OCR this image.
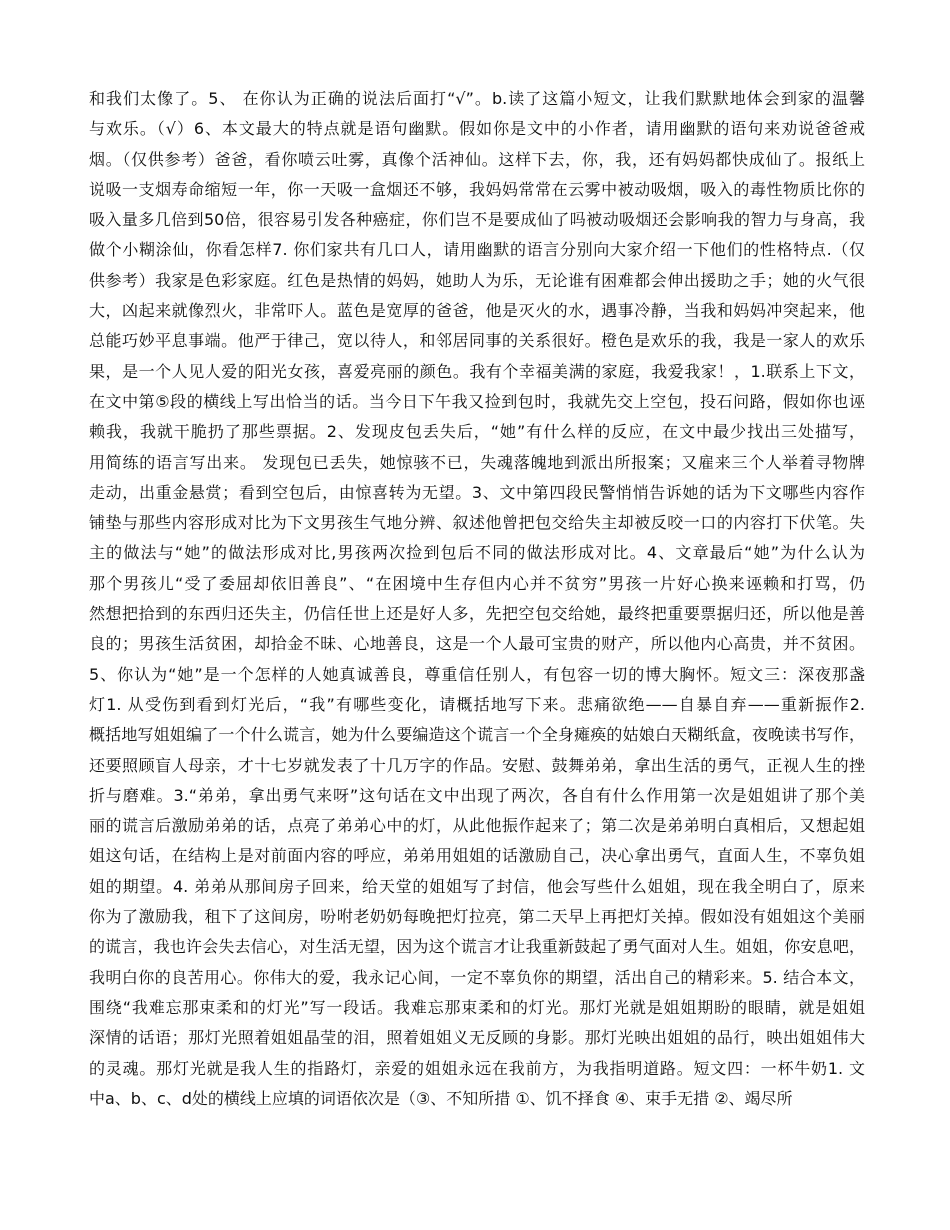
和我们太像了。5、 在你认为正确的说法后面打“√”。b.读了这篇小短文，让我们默默地体会到家的温馨
与欢乐。（√）6、本文最大的特点就是语句幽默。假如你是文中的小作者，请用幽默的语句来劝说爸爸戒
烟。（仅供参考）爸爸，看你喷云吐雾，真像个活神仙。这样下去，你，我，还有妈妈都快成仙了。报纸上
说吸一支烟寿命缩短一年，你一天吸一盒烟还不够，我妈妈常常在云雾中被动吸烟，吸入的毒性物质比你的
吸入量多几倍到50倍，很容易引发各种癌症，你们岂不是要成仙了吗被动吸烟还会影响我的智力与身高，我
做个小糊涂仙，你看怎样7. 你们家共有几口人，请用幽默的语言分别向大家介绍一下他们的性格特点.（仅
供参考）我家是色彩家庭。红色是热情的妈妈，她助人为乐，无论谁有困难都会伸出援助之手；她的火气很
大，凶起来就像烈火，非常吓人。蓝色是宽厚的爸爸，他是灭火的水，遇事冷静，当我和妈妈冲突起来，他
总能巧妙平息事端。他严于律己，宽以待人，和邻居同事的关系很好。橙色是欢乐的我，我是一家人的欢乐
果，是一个人见人爱的阳光女孩，喜爱亮丽的颜色。我有个幸福美满的家庭，我爱我家！，1.联系上下文，
在文中第⑤段的横线上写出恰当的话。当今日下午我又捡到包时，我就先交上空包，投石问路，假如你也诬
赖我，我就干脆扔了那些票据。2、发现皮包丢失后，“她”有什么样的反应，在文中最少找出三处描写，
用简练的语言写出来。 发现包已丢失，她惊骇不已，失魂落魄地到派出所报案；又雇来三个人举着寻物牌
走动，出重金悬赏；看到空包后，由惊喜转为无望。3、文中第四段民警悄悄告诉她的话为下文哪些内容作
铺垫与那些内容形成对比为下文男孩生气地分辨、叙述他曾把包交给失主却被反咬一口的内容打下伏笔。失
主的做法与“她”的做法形成对比,男孩两次捡到包后不同的做法形成对比。4、文章最后“她”为什么认为
那个男孩儿“受了委屈却依旧善良”、“在困境中生存但内心并不贫穷”男孩一片好心换来诬赖和打骂，仍
然想把拾到的东西归还失主，仍信任世上还是好人多，先把空包交给她，最终把重要票据归还，所以他是善
良的；男孩生活贫困，却拾金不昧、心地善良，这是一个人最可宝贵的财产，所以他内心高贵，并不贫困。
5、你认为“她”是一个怎样的人她真诚善良，尊重信任别人，有包容一切的博大胸怀。短文三：深夜那盏
灯1. 从受伤到看到灯光后，“我”有哪些变化，请概括地写下来。悲痛欲绝——自暴自弃——重新振作2.
概括地写姐姐编了一个什么谎言，她为什么要编造这个谎言一个全身瘫痪的姑娘白天糊纸盒，夜晚读书写作，
还要照顾盲人母亲，才十七岁就发表了十几万字的作品。安慰、鼓舞弟弟，拿出生活的勇气，正视人生的挫
折与磨难。3.“弟弟，拿出勇气来呀”这句话在文中出现了两次，各自有什么作用第一次是姐姐讲了那个美
丽的谎言后激励弟弟的话，点亮了弟弟心中的灯，从此他振作起来了；第二次是弟弟明白真相后，又想起姐
姐这句话，在结构上是对前面内容的呼应，弟弟用姐姐的话激励自己，决心拿出勇气，直面人生，不辜负姐
姐的期望。4. 弟弟从那间房子回来，给天堂的姐姐写了封信，他会写些什么姐姐，现在我全明白了，原来
你为了激励我，租下了这间房，吩咐老奶奶每晚把灯拉亮，第二天早上再把灯关掉。假如没有姐姐这个美丽
的谎言，我也许会失去信心，对生活无望，因为这个谎言才让我重新鼓起了勇气面对人生。姐姐，你安息吧，
我明白你的良苦用心。你伟大的爱，我永记心间，一定不辜负你的期望，活出自己的精彩来。5. 结合本文，
围绕“我难忘那束柔和的灯光”写一段话。我难忘那束柔和的灯光。那灯光就是姐姐期盼的眼睛，就是姐姐
深情的话语；那灯光照着姐姐晶莹的泪，照着姐姐义无反顾的身影。那灯光映出姐姐的品行，映出姐姐伟大
的灵魂。那灯光就是我人生的指路灯，亲爱的姐姐永远在我前方，为我指明道路。短文四：一杯牛奶1. 文
中a、b、c、d处的横线上应填的词语依次是（③、不知所措 ①、饥不择食 ④、束手无措 ②、竭尽所
